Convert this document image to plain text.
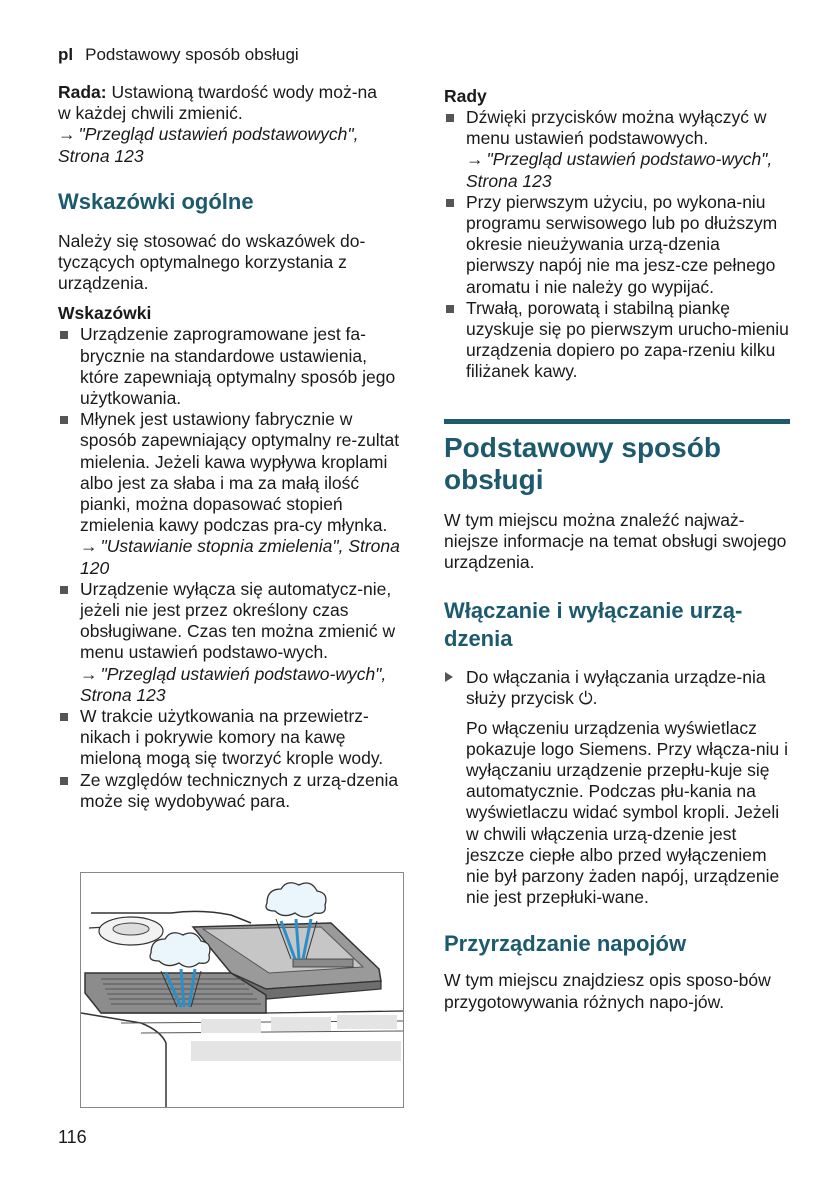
pl Podstawowy sposób obsługi

Rada: Ustawioną twardość wody moż-na w każdej chwili zmienić.

→ "Przegląd ustawień podstawowych", Strona 123

Wskazówki ogólne

Należy się stosować do wskazówek do-tyczących optymalnego korzystania z urządzenia.

Wskazówki
Urządzenie zaprogramowane jest fa-brycznie na standardowe ustawienia, które zapewniają optymalny sposób jego użytkowania.
Młynek jest ustawiony fabrycznie w sposób zapewniający optymalny re-zultat mielenia. Jeżeli kawa wypływa kroplami albo jest za słaba i ma za małą ilość pianki, można dopasować stopień zmielenia kawy podczas pra-cy młynka.
→ "Ustawianie stopnia zmielenia", Strona 120
Urządzenie wyłącza się automatycz-nie, jeżeli nie jest przez określony czas obsługiwane. Czas ten można zmienić w menu ustawień podstawo-wych.
→ "Przegląd ustawień podstawo-wych", Strona 123
W trakcie użytkowania na przewietrz-nikach i pokrywie komory na kawę mieloną mogą się tworzyć krople wody.
Ze względów technicznych z urzą-dzenia może się wydobywać para.
Rady
Dźwięki przycisków można wyłączyć w menu ustawień podstawowych.
→ "Przegląd ustawień podstawo-wych", Strona 123
Przy pierwszym użyciu, po wykona-niu programu serwisowego lub po dłuższym okresie nieużywania urzą-dzenia pierwszy napój nie ma jesz-cze pełnego aromatu i nie należy go wypijać.
Trwałą, porowatą i stabilną piankę uzyskuje się po pierwszym urucho-mieniu urządzenia dopiero po zapa-rzeniu kilku filiżanek kawy.
Podstawowy sposób obsługi

W tym miejscu można znaleźć najważ-niejsze informacje na temat obsługi swojego urządzenia.

Włączanie i wyłączanie urzą-dzenia
Do włączania i wyłączania urządze-nia służy przycisk ⏻.

Po włączeniu urządzenia wyświetlacz pokazuje logo Siemens. Przy włącza-niu i wyłączaniu urządzenie przepłu-kuje się automatycznie. Podczas płu-kania na wyświetlaczu widać symbol kropli. Jeżeli w chwili włączenia urzą-dzenie jest jeszcze ciepłe albo przed wyłączeniem nie był parzony żaden napój, urządzenie nie jest przepłuki-wane.

Przyrządzanie napojów

W tym miejscu znajdziesz opis sposo-bów przygotowywania różnych napo-jów.

116
